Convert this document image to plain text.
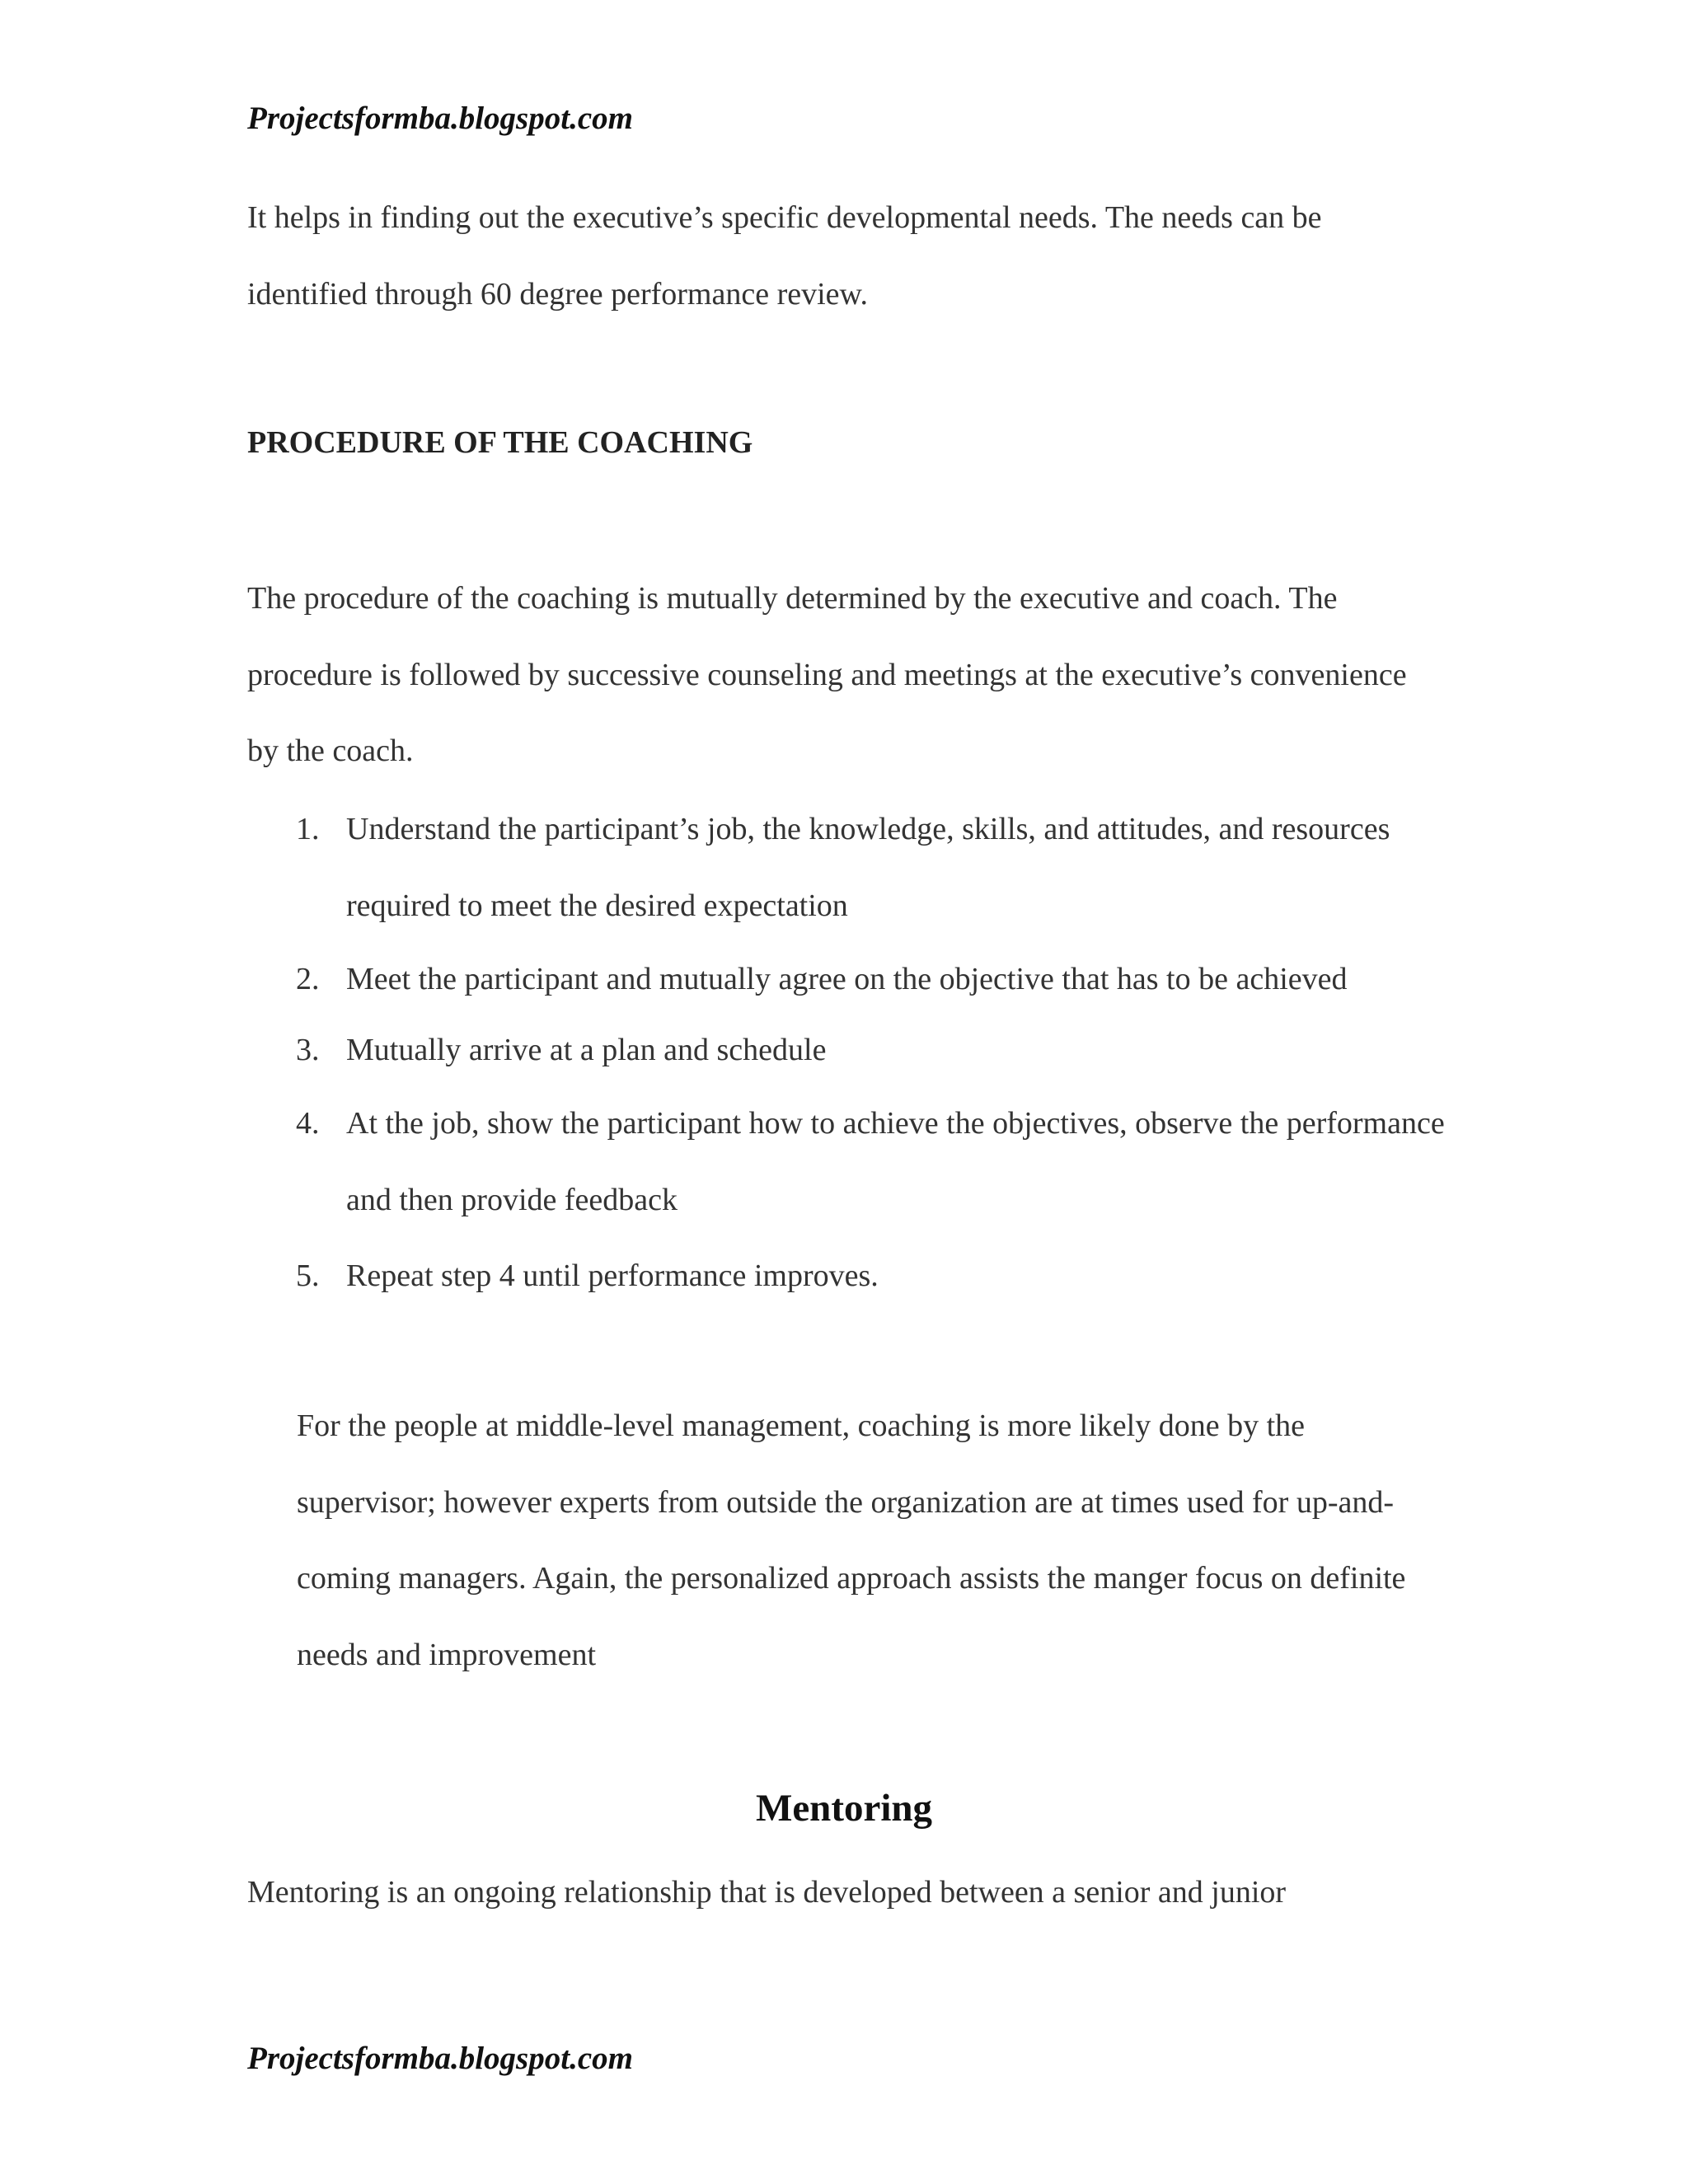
Projectsformba.blogspot.com

It helps in finding out the executive’s specific developmental needs. The needs can be identified through 60 degree performance review.

PROCEDURE OF THE COACHING

The procedure of the coaching is mutually determined by the executive and coach. The procedure is followed by successive counseling and meetings at the executive’s convenience by the coach.

1. Understand the participant’s job, the knowledge, skills, and attitudes, and resources required to meet the desired expectation
2. Meet the participant and mutually agree on the objective that has to be achieved
3. Mutually arrive at a plan and schedule
4. At the job, show the participant how to achieve the objectives, observe the performance and then provide feedback
5. Repeat step 4 until performance improves.

For the people at middle-level management, coaching is more likely done by the supervisor; however experts from outside the organization are at times used for up-and-coming managers. Again, the personalized approach assists the manger focus on definite needs and improvement

Mentoring

Mentoring is an ongoing relationship that is developed between a senior and junior

Projectsformba.blogspot.com
